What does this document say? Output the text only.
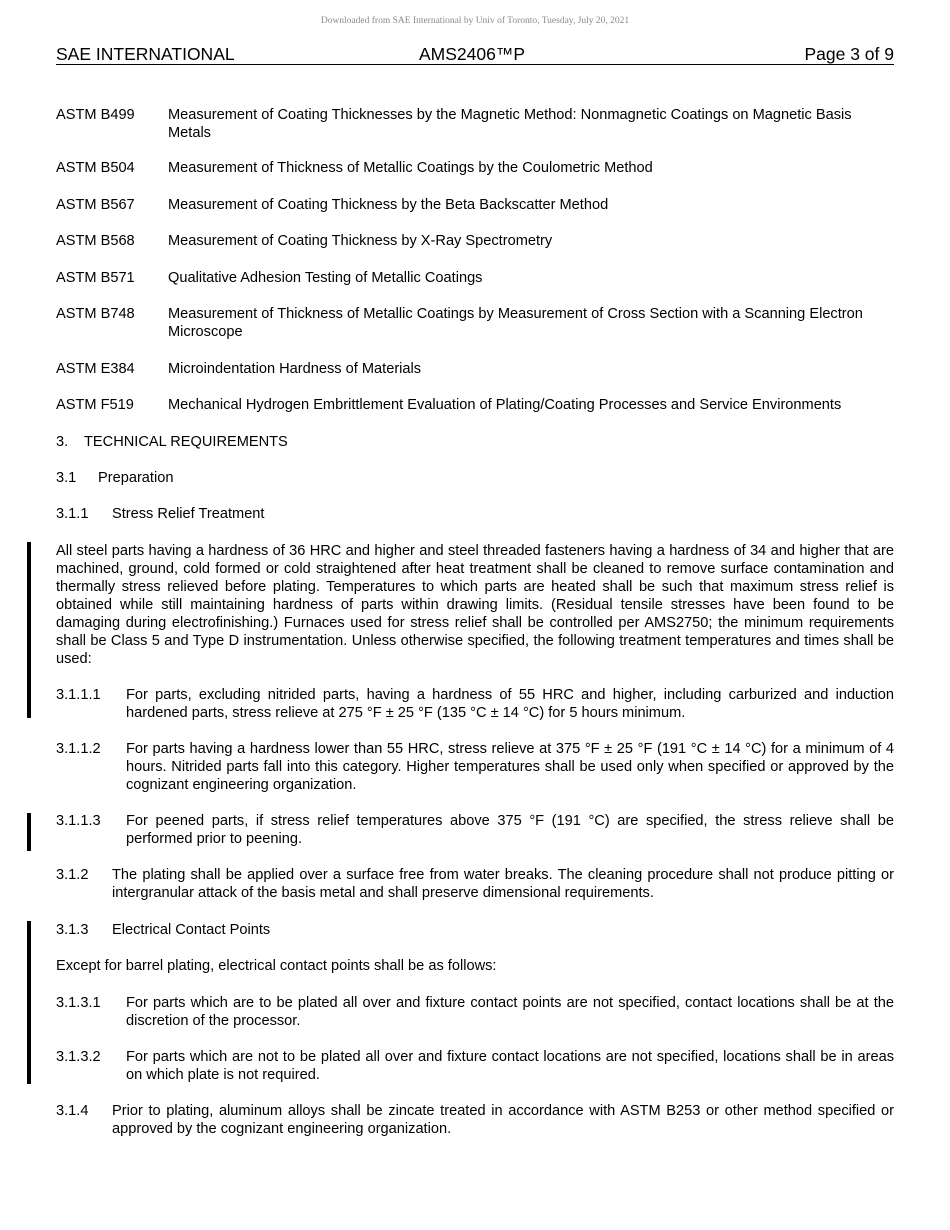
Downloaded from SAE International by Univ of Toronto, Tuesday, July 20, 2021
SAE INTERNATIONAL	AMS2406™P	Page 3 of 9
ASTM B499	Measurement of Coating Thicknesses by the Magnetic Method: Nonmagnetic Coatings on Magnetic Basis Metals
ASTM B504	Measurement of Thickness of Metallic Coatings by the Coulometric Method
ASTM B567	Measurement of Coating Thickness by the Beta Backscatter Method
ASTM B568	Measurement of Coating Thickness by X-Ray Spectrometry
ASTM B571	Qualitative Adhesion Testing of Metallic Coatings
ASTM B748	Measurement of Thickness of Metallic Coatings by Measurement of Cross Section with a Scanning Electron Microscope
ASTM E384	Microindentation Hardness of Materials
ASTM F519	Mechanical Hydrogen Embrittlement Evaluation of Plating/Coating Processes and Service Environments
3. TECHNICAL REQUIREMENTS
3.1 Preparation
3.1.1 Stress Relief Treatment
All steel parts having a hardness of 36 HRC and higher and steel threaded fasteners having a hardness of 34 and higher that are machined, ground, cold formed or cold straightened after heat treatment shall be cleaned to remove surface contamination and thermally stress relieved before plating. Temperatures to which parts are heated shall be such that maximum stress relief is obtained while still maintaining hardness of parts within drawing limits. (Residual tensile stresses have been found to be damaging during electrofinishing.) Furnaces used for stress relief shall be controlled per AMS2750; the minimum requirements shall be Class 5 and Type D instrumentation. Unless otherwise specified, the following treatment temperatures and times shall be used:
3.1.1.1 For parts, excluding nitrided parts, having a hardness of 55 HRC and higher, including carburized and induction hardened parts, stress relieve at 275 °F ± 25 °F (135 °C ± 14 °C) for 5 hours minimum.
3.1.1.2 For parts having a hardness lower than 55 HRC, stress relieve at 375 °F ± 25 °F (191 °C ± 14 °C) for a minimum of 4 hours. Nitrided parts fall into this category. Higher temperatures shall be used only when specified or approved by the cognizant engineering organization.
3.1.1.3 For peened parts, if stress relief temperatures above 375 °F (191 °C) are specified, the stress relieve shall be performed prior to peening.
3.1.2 The plating shall be applied over a surface free from water breaks. The cleaning procedure shall not produce pitting or intergranular attack of the basis metal and shall preserve dimensional requirements.
3.1.3 Electrical Contact Points
Except for barrel plating, electrical contact points shall be as follows:
3.1.3.1 For parts which are to be plated all over and fixture contact points are not specified, contact locations shall be at the discretion of the processor.
3.1.3.2 For parts which are not to be plated all over and fixture contact locations are not specified, locations shall be in areas on which plate is not required.
3.1.4 Prior to plating, aluminum alloys shall be zincate treated in accordance with ASTM B253 or other method specified or approved by the cognizant engineering organization.
